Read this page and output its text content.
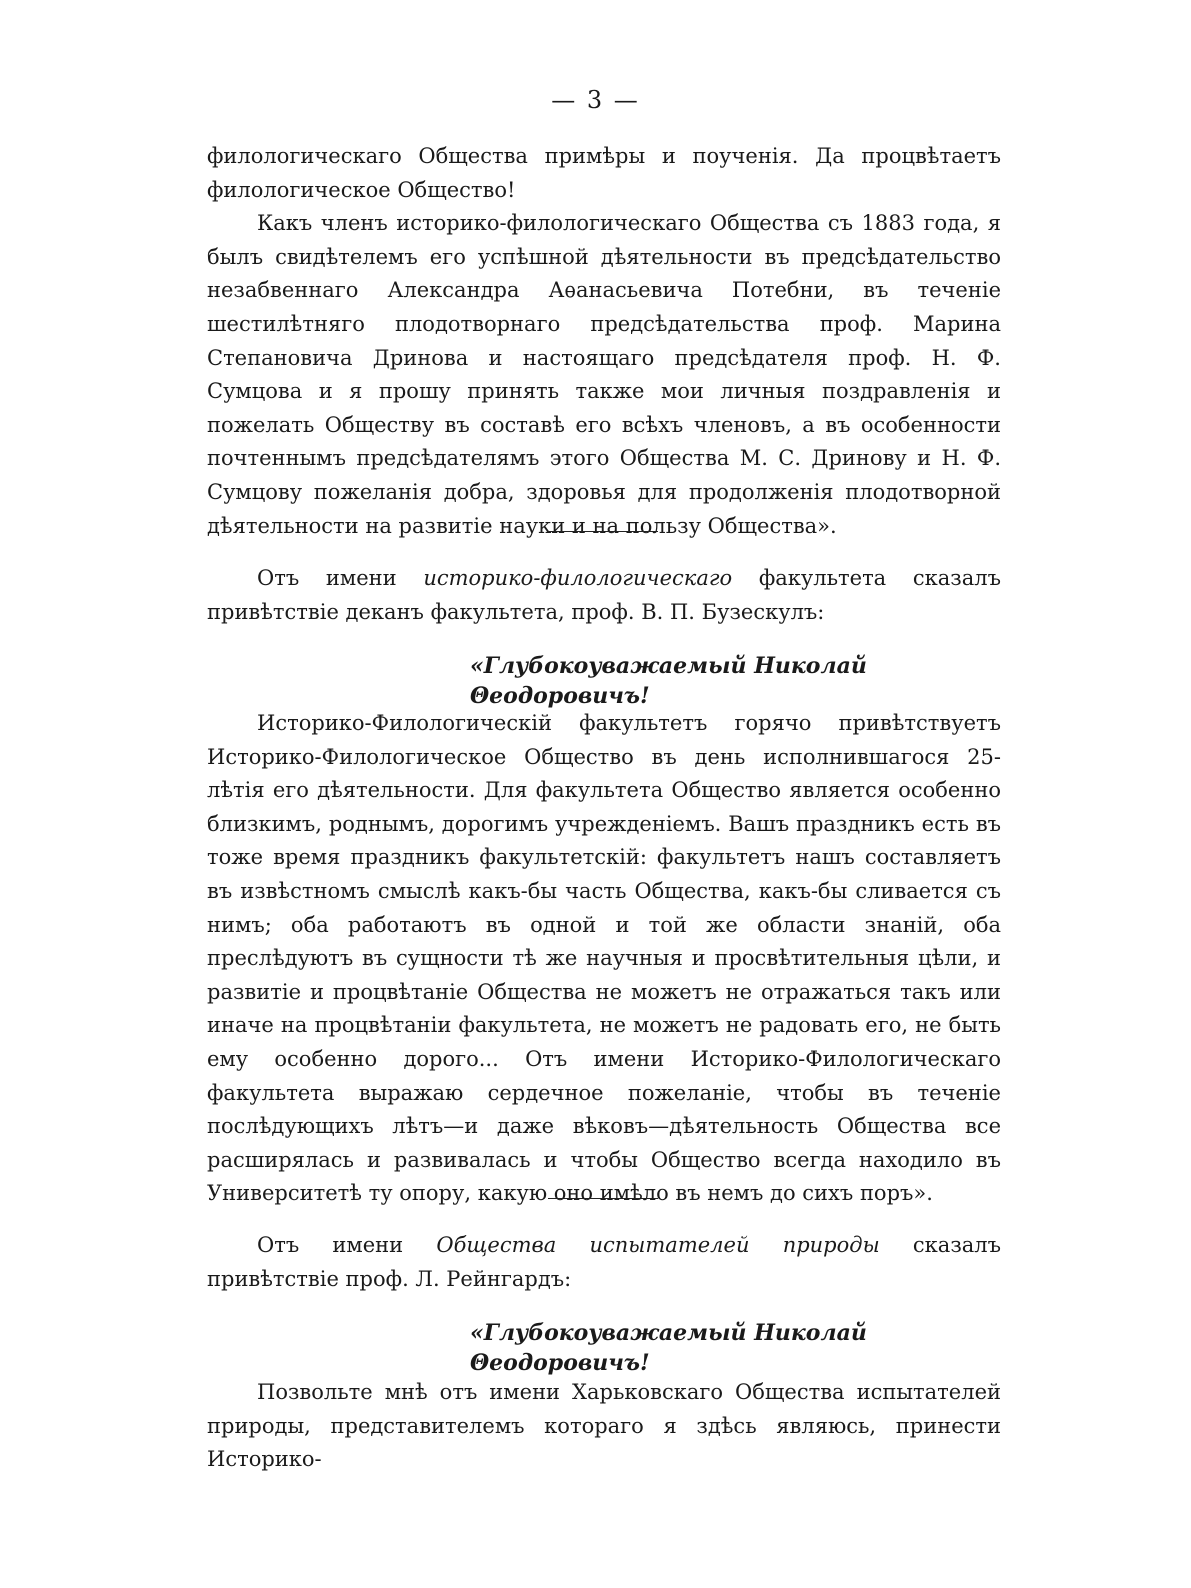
— 3 —

филологическаго Общества примѣры и поученія. Да процвѣтаетъ филологическое Общество!

Какъ членъ историко-филологическаго Общества съ 1883 года, я былъ свидѣтелемъ его успѣшной дѣятельности въ предсѣдательство незабвеннаго Александра Аѳанасьевича Потебни, въ теченіе шестилѣтняго плодотворнаго предсѣдательства проф. Марина Степановича Дринова и настоящаго предсѣдателя проф. Н. Ф. Сумцова и я прошу принять также мои личныя поздравленія и пожелать Обществу въ составѣ его всѣхъ членовъ, а въ особенности почтеннымъ предсѣдателямъ этого Общества М. С. Дринову и Н. Ф. Сумцову пожеланія добра, здоровья для продолженія плодотворной дѣятельности на развитіе науки и на пользу Общества».

Отъ имени историко-филологическаго факультета сказалъ привѣтствіе деканъ факультета, проф. В. П. Бузескулъ:
«Глубокоуважаемый Николай Θеодоровичъ!

Историко-Филологическій факультетъ горячо привѣтствуетъ Историко-Филологическое Общество въ день исполнившагося 25-лѣтія его дѣятельности. Для факультета Общество является особенно близкимъ, роднымъ, дорогимъ учрежденіемъ. Вашъ праздникъ есть въ тоже время праздникъ факультетскій: факультетъ нашъ составляетъ въ извѣстномъ смыслѣ какъ-бы часть Общества, какъ-бы сливается съ нимъ; оба работаютъ въ одной и той же области знаній, оба преслѣдуютъ въ сущности тѣ же научныя и просвѣтительныя цѣли, и развитіе и процвѣтаніе Общества не можетъ не отражаться такъ или иначе на процвѣтаніи факультета, не можетъ не радовать его, не быть ему особенно дорого... Отъ имени Историко-Филологическаго факультета выражаю сердечное пожеланіе, чтобы въ теченіе послѣдующихъ лѣтъ—и даже вѣковъ—дѣятельность Общества все расширялась и развивалась и чтобы Общество всегда находило въ Университетѣ ту опору, какую оно имѣло въ немъ до сихъ поръ».

Отъ имени Общества испытателей природы сказалъ привѣтствіе проф. Л. Рейнгардъ:
«Глубокоуважаемый Николай Θеодоровичъ!

Позвольте мнѣ отъ имени Харьковскаго Общества испытателей природы, представителемъ котораго я здѣсь являюсь, принести Историко-
